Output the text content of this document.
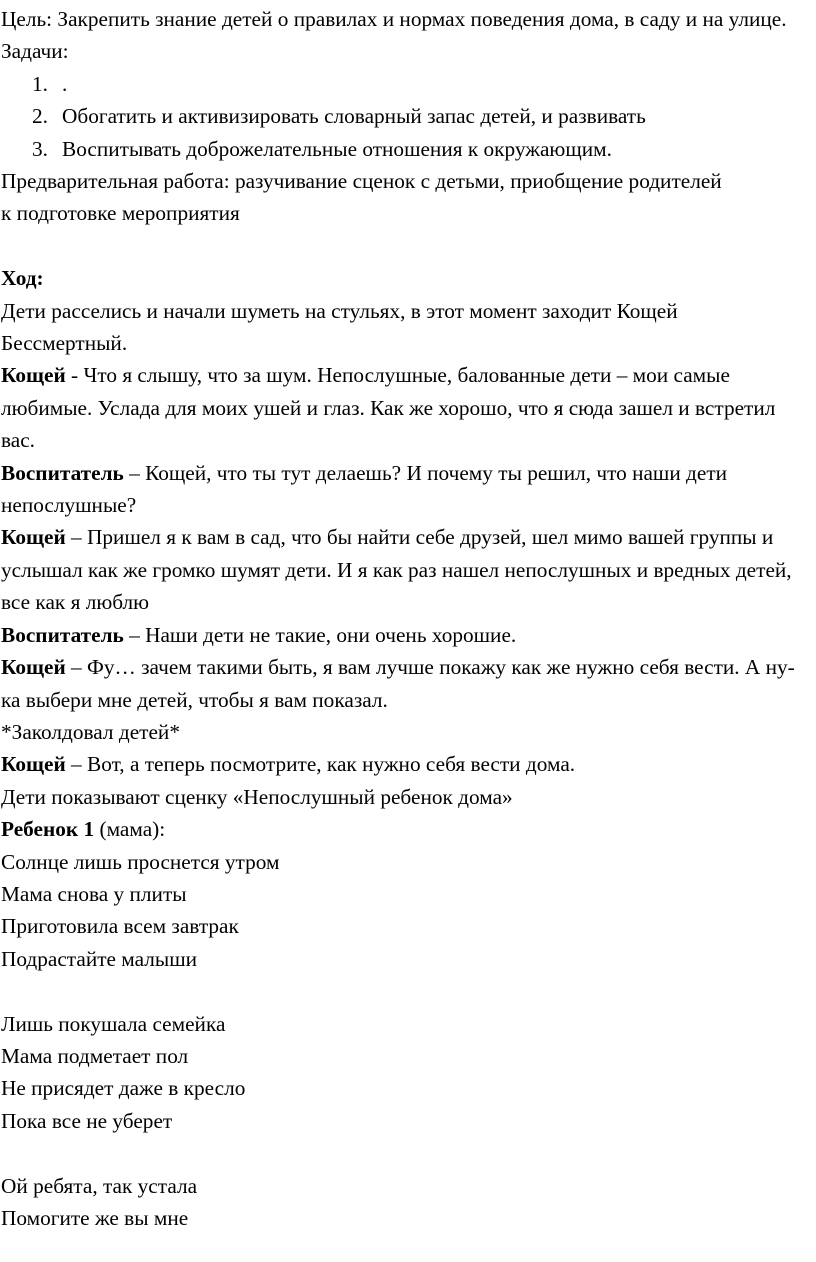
Цель: Закрепить знание детей о правилах и нормах поведения дома, в саду и на улице.

Задачи:

1. .
2. Обогатить и активизировать словарный запас детей, и развивать
3. Воспитывать доброжелательные отношения к окружающим.

Предварительная работа: разучивание сценок с детьми, приобщение родителей к подготовке мероприятия

Ход:

Дети расселись и начали шуметь на стульях, в этот момент заходит Кощей Бессмертный.

Кощей - Что я слышу, что за шум. Непослушные, балованные дети – мои самые любимые. Услада для моих ушей и глаз. Как же хорошо, что я сюда зашел и встретил вас.

Воспитатель – Кощей, что ты тут делаешь? И почему ты решил, что наши дети непослушные?

Кощей – Пришел я к вам в сад, что бы найти себе друзей, шел мимо вашей группы и услышал как же громко шумят дети. И я как раз нашел непослушных и вредных детей, все как я люблю

Воспитатель – Наши дети не такие, они очень хорошие.

Кощей – Фу… зачем такими быть, я вам лучше покажу как же нужно себя вести. А ну-ка выбери мне детей, чтобы я вам показал.

*Заколдовал детей*

Кощей – Вот, а теперь посмотрите, как нужно себя вести дома.

Дети показывают сценку «Непослушный ребенок дома»

Ребенок 1 (мама):

Солнце лишь проснется утром

Мама снова у плиты

Приготовила всем завтрак

Подрастайте малыши

Лишь покушала семейка

Мама подметает пол

Не присядет даже в кресло

Пока все не уберет

Ой ребята, так устала

Помогите же вы мне
